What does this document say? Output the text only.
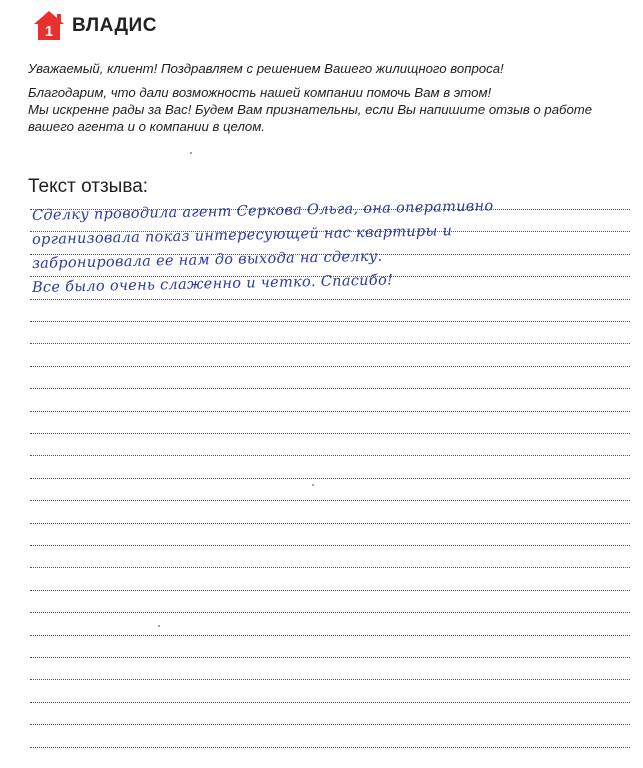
1 ВЛАДИС

Уважаемый, клиент! Поздравляем с решением Вашего жилищного вопроса!

Благодарим, что дали возможность нашей компании помочь Вам в этом!
Мы искренне рады за Вас! Будем Вам признательны, если Вы напишите отзыв о работе
вашего агента и о компании в целом.

Текст отзыва:
Сделку проводила агент Серкова Ольга, она оперативно
организовала показ интересующей нас квартиры и
забронировала ее нам до выхода на сделку.
Все было очень слаженно и четко. Спасибо!
